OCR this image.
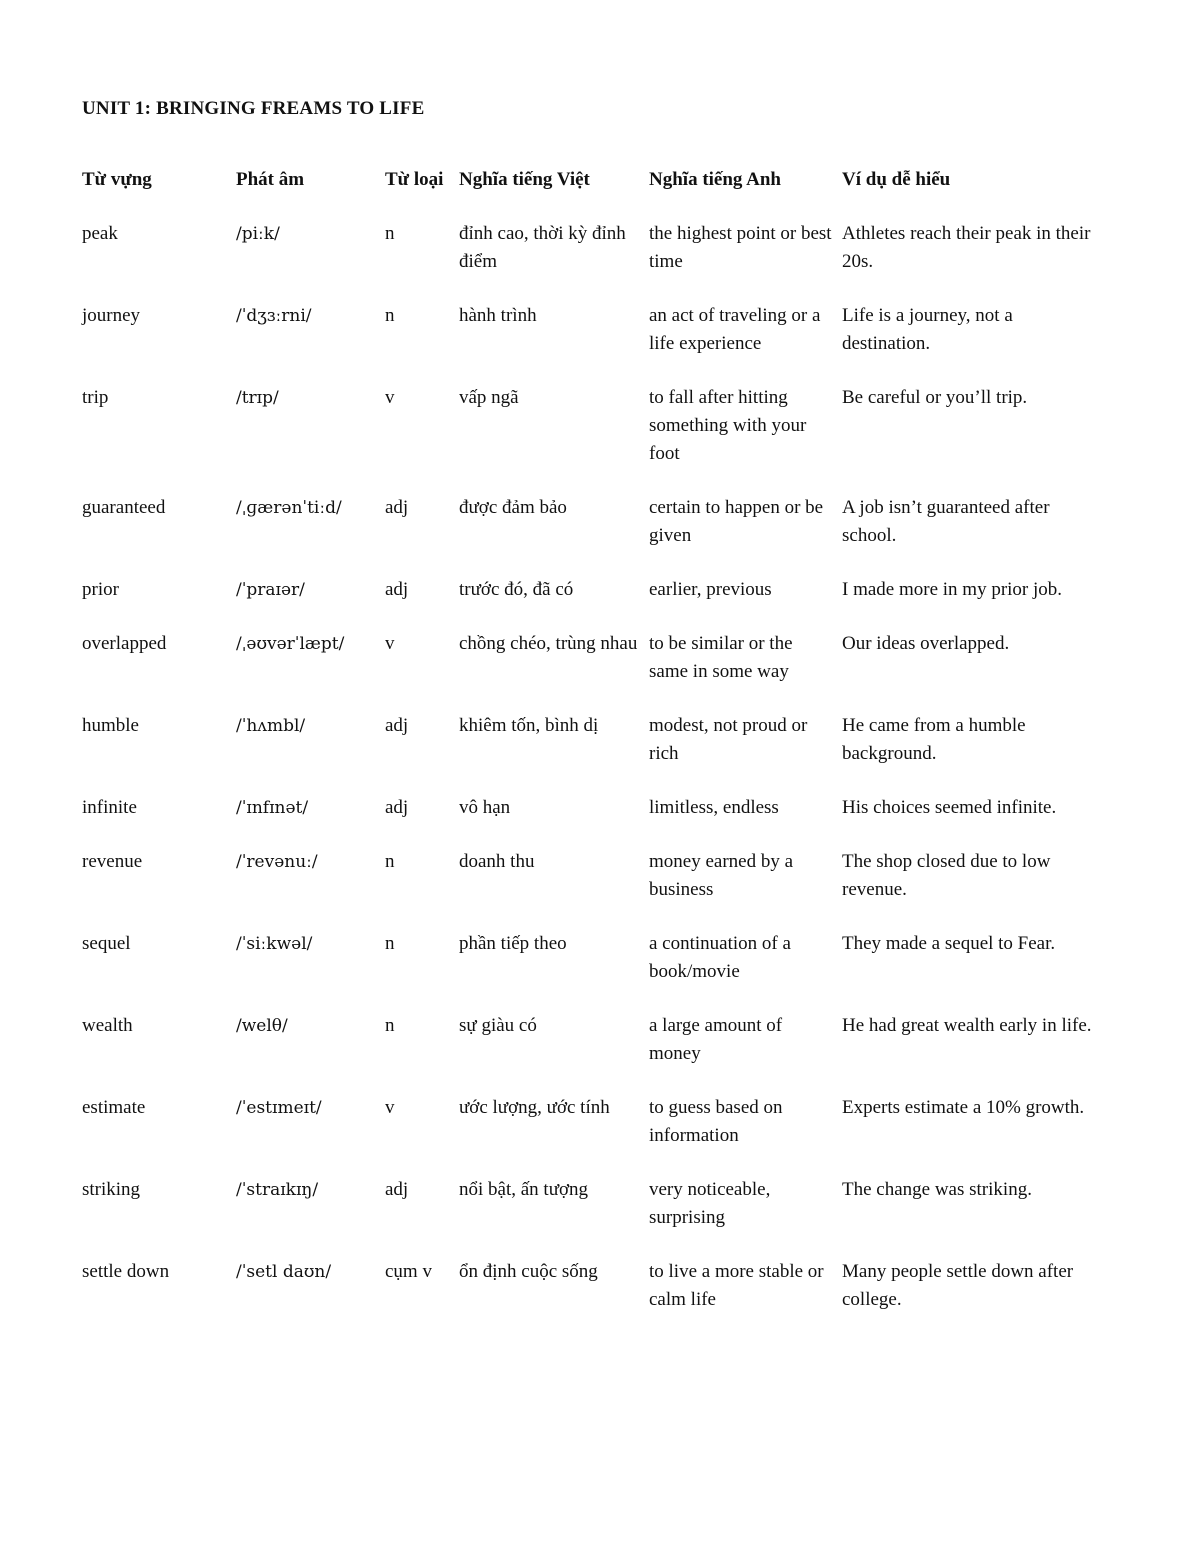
UNIT 1: BRINGING FREAMS TO LIFE
Từ vựng	Phát âm	Từ loại	Nghĩa tiếng Việt	Nghĩa tiếng Anh	Ví dụ dễ hiểu
peak	/piːk/	n	đỉnh cao, thời kỳ đỉnh điểm	the highest point or best time	Athletes reach their peak in their 20s.
journey	/ˈdʒɜːrni/	n	hành trình	an act of traveling or a life experience	Life is a journey, not a destination.
trip	/trɪp/	v	vấp ngã	to fall after hitting something with your foot	Be careful or you’ll trip.
guaranteed	/ˌɡærənˈtiːd/	adj	được đảm bảo	certain to happen or be given	A job isn’t guaranteed after school.
prior	/ˈpraɪər/	adj	trước đó, đã có	earlier, previous	I made more in my prior job.
overlapped	/ˌəʊvərˈlæpt/	v	chồng chéo, trùng nhau	to be similar or the same in some way	Our ideas overlapped.
humble	/ˈhʌmbl/	adj	khiêm tốn, bình dị	modest, not proud or rich	He came from a humble background.
infinite	/ˈɪnfɪnət/	adj	vô hạn	limitless, endless	His choices seemed infinite.
revenue	/ˈrevənuː/	n	doanh thu	money earned by a business	The shop closed due to low revenue.
sequel	/ˈsiːkwəl/	n	phần tiếp theo	a continuation of a book/movie	They made a sequel to Fear.
wealth	/welθ/	n	sự giàu có	a large amount of money	He had great wealth early in life.
estimate	/ˈestɪmeɪt/	v	ước lượng, ước tính	to guess based on information	Experts estimate a 10% growth.
striking	/ˈstraɪkɪŋ/	adj	nổi bật, ấn tượng	very noticeable, surprising	The change was striking.
settle down	/ˈsetl daʊn/	cụm v	ổn định cuộc sống	to live a more stable or calm life	Many people settle down after college.
